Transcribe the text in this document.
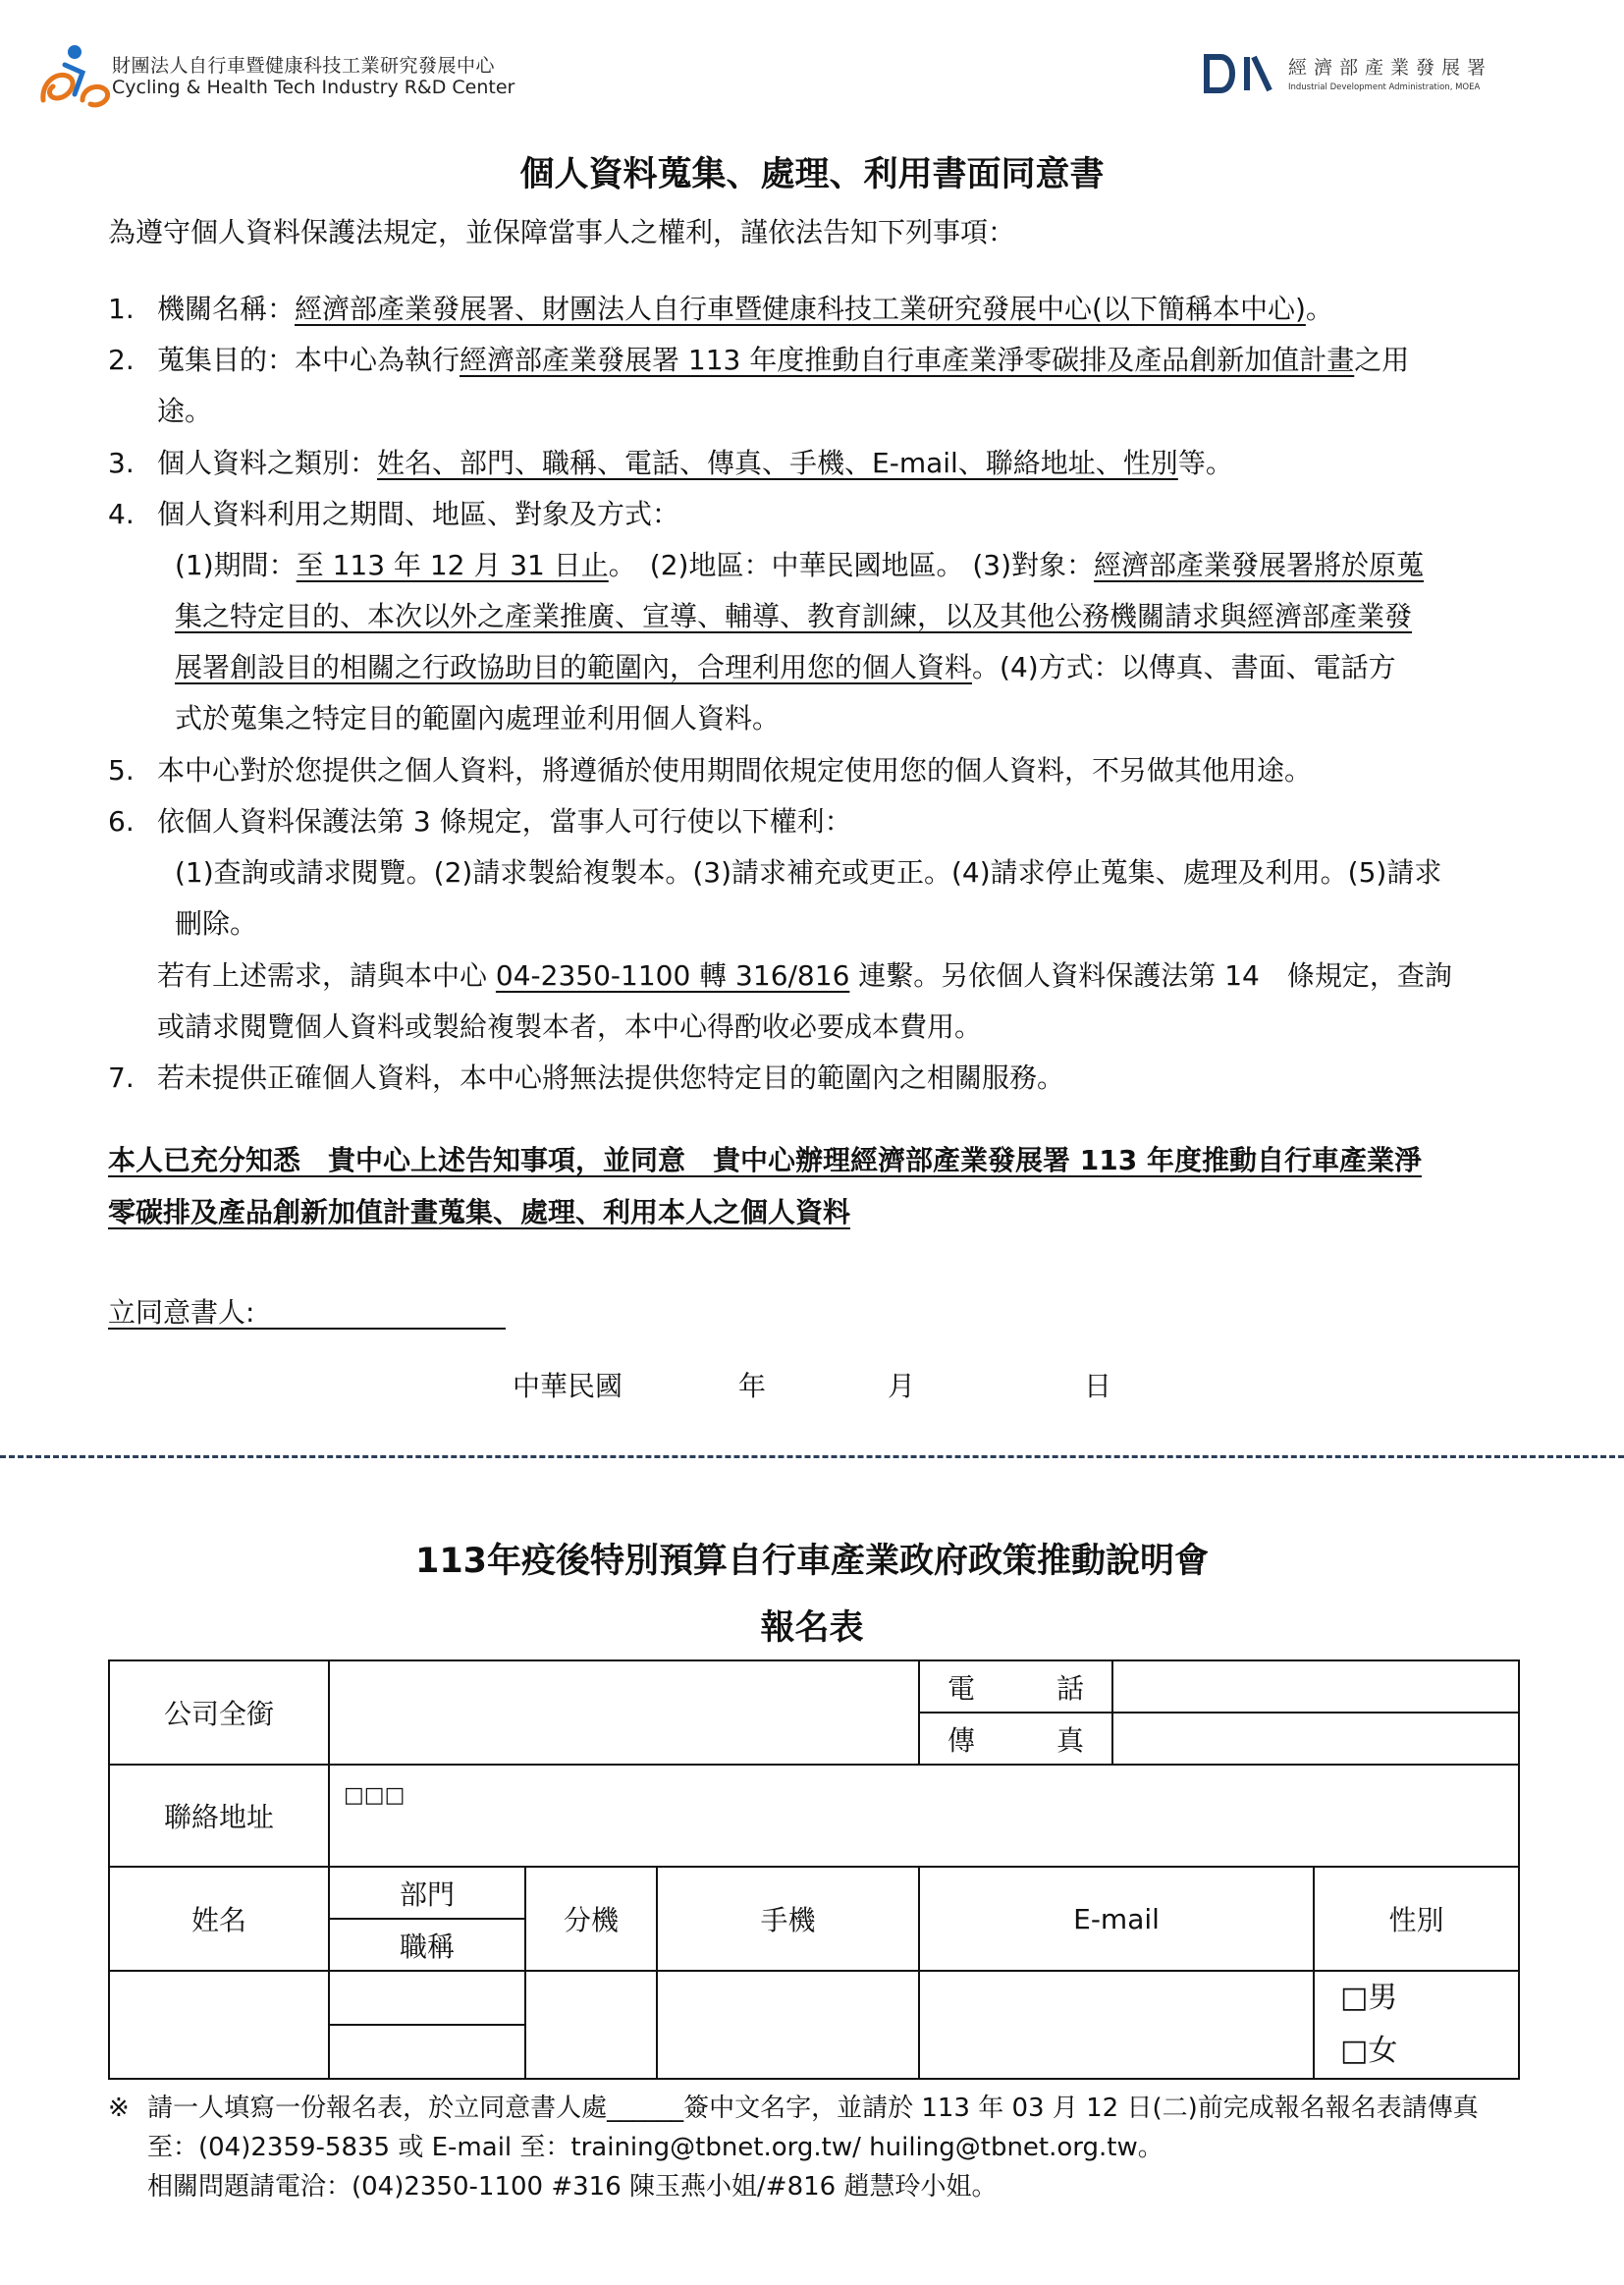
財團法人自行車暨健康科技工業研究發展中心
Cycling & Health Tech Industry R&D Center
經濟部產業發展署
Industrial Development Administration, MOEA
個人資料蒐集、處理、利用書面同意書
為遵守個人資料保護法規定，並保障當事人之權利，謹依法告知下列事項：
1. 機關名稱：經濟部產業發展署、財團法人自行車暨健康科技工業研究發展中心(以下簡稱本中心)。
2. 蒐集目的：本中心為執行經濟部產業發展署 113 年度推動自行車產業淨零碳排及產品創新加值計畫之用
途。
3. 個人資料之類別：姓名、部門、職稱、電話、傳真、手機、E-mail、聯絡地址、性別等。
4. 個人資料利用之期間、地區、對象及方式：
(1)期間：至 113 年 12 月 31 日止。　(2)地區：中華民國地區。 (3)對象：經濟部產業發展署將於原蒐
集之特定目的、本次以外之產業推廣、宣導、輔導、教育訓練，以及其他公務機關請求與經濟部產業發
展署創設目的相關之行政協助目的範圍內，合理利用您的個人資料。(4)方式：以傳真、書面、電話方
式於蒐集之特定目的範圍內處理並利用個人資料。
5. 本中心對於您提供之個人資料，將遵循於使用期間依規定使用您的個人資料，不另做其他用途。
6. 依個人資料保護法第 3 條規定，當事人可行使以下權利：
(1)查詢或請求閱覽。(2)請求製給複製本。(3)請求補充或更正。(4)請求停止蒐集、處理及利用。(5)請求
刪除。
若有上述需求，請與本中心 04-2350-1100 轉 316/816 連繫。另依個人資料保護法第 14　條規定，查詢
或請求閱覽個人資料或製給複製本者，本中心得酌收必要成本費用。
7. 若未提供正確個人資料，本中心將無法提供您特定目的範圍內之相關服務。
本人已充分知悉　貴中心上述告知事項，並同意　貴中心辦理經濟部產業發展署 113 年度推動自行車產業淨
零碳排及產品創新加值計畫蒐集、處理、利用本人之個人資料
立同意書人:
中華民國	年	月	日
113年疫後特別預算自行車產業政府政策推動說明會
報名表
公司全銜				電話		
				傳真		
聯絡地址	□□□					
姓名	部門	分機	手機	E-mail		性別
	職稱					

						□男
□女

※ 請一人填寫一份報名表，於立同意書人處______簽中文名字，並請於 113 年 03 月 12 日(二)前完成報名報名表請傳真
至：(04)2359-5835 或 E-mail 至：training@tbnet.org.tw/ huiling@tbnet.org.tw。
相關問題請電洽：(04)2350-1100 #316 陳玉燕小姐/#816 趙慧玲小姐。
